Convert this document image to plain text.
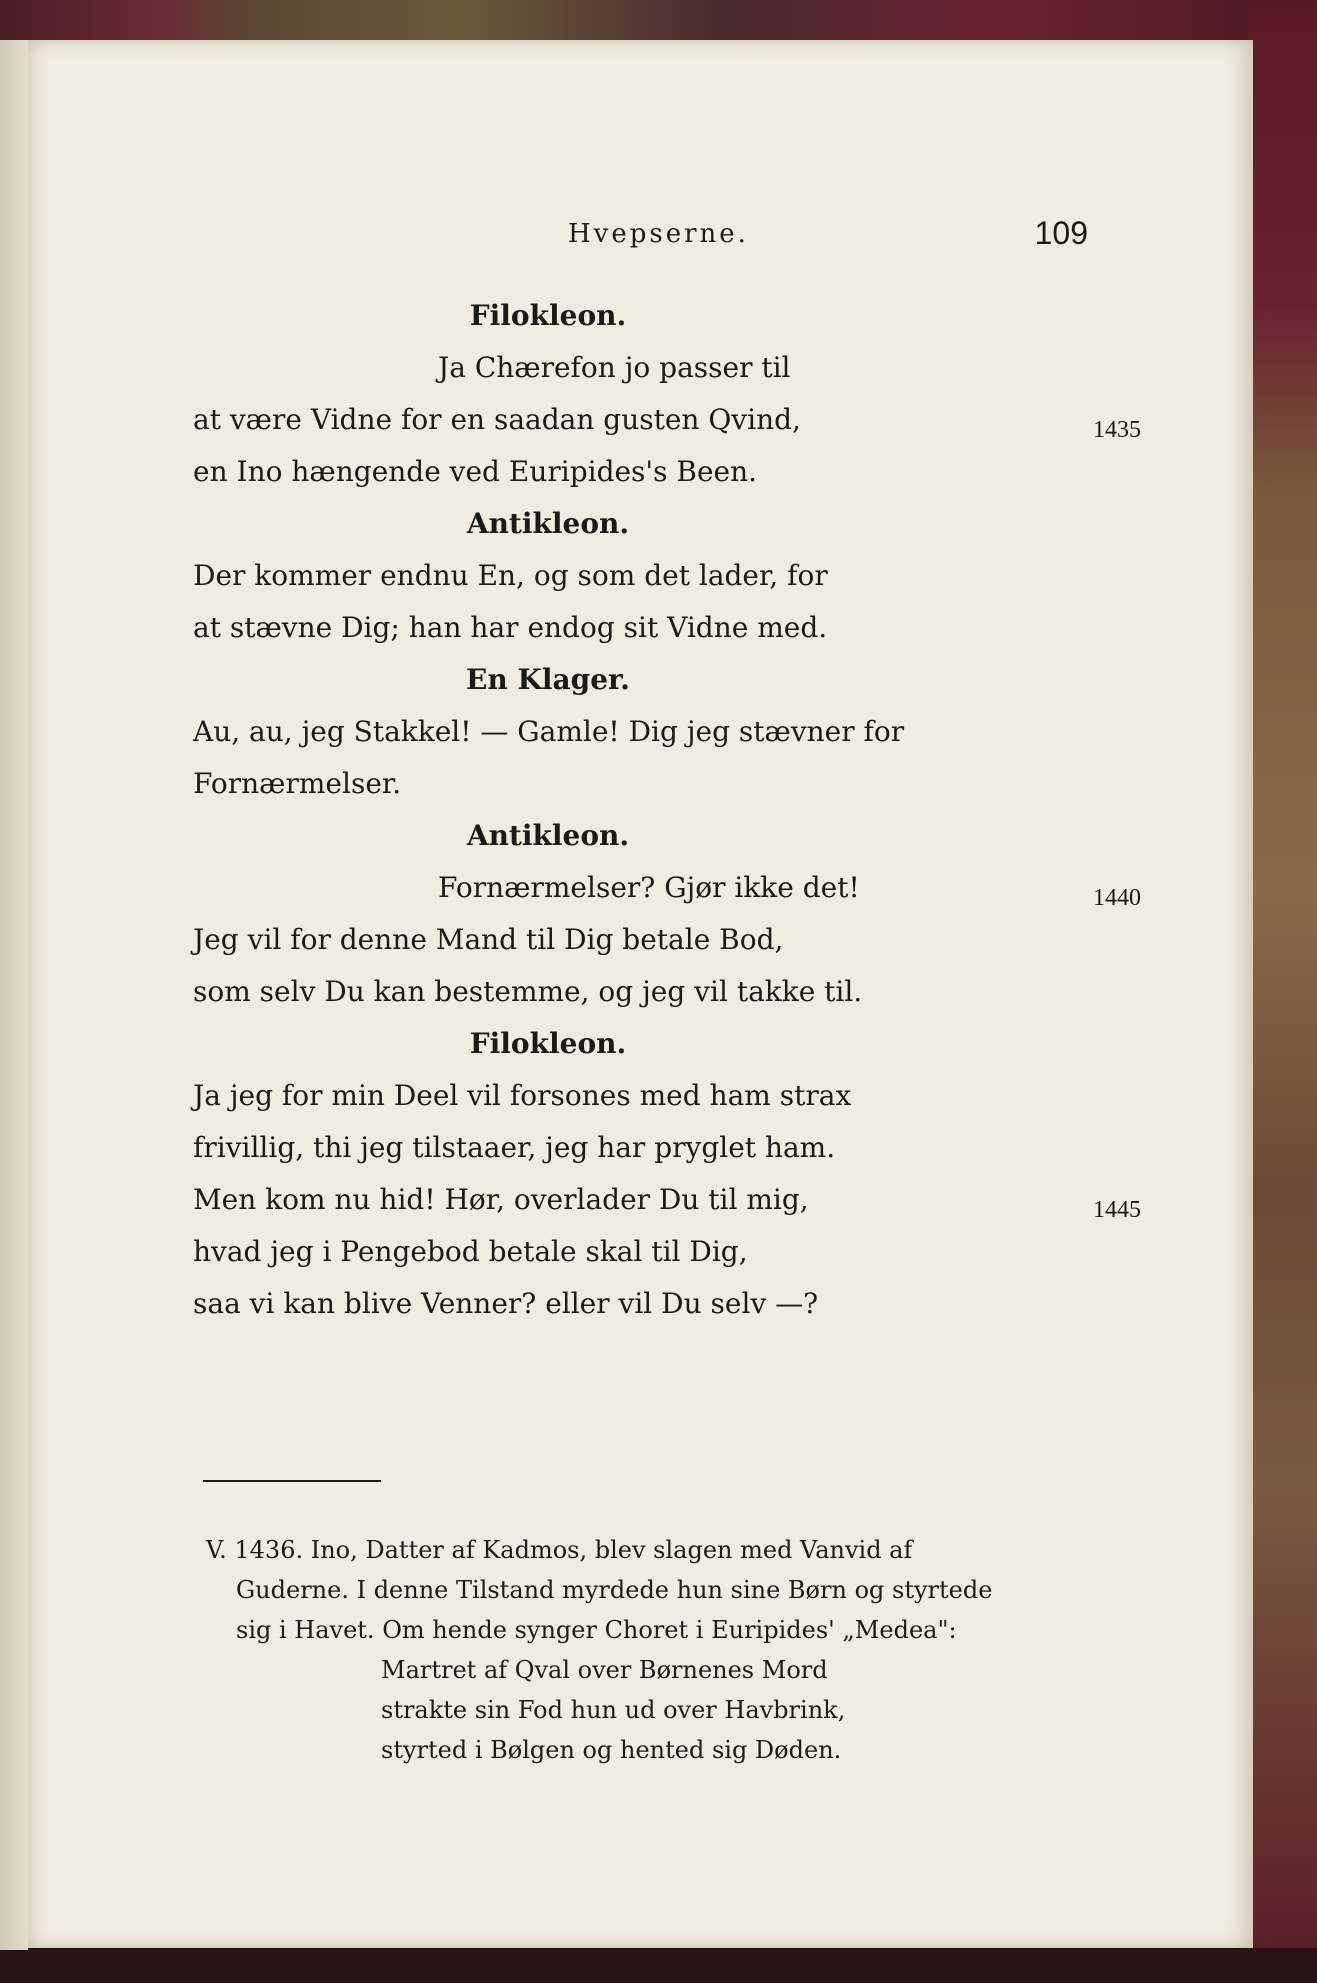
Hvepserne.	109
Filokleon.
Ja Chærefon jo passer til
at være Vidne for en saadan gusten Qvind,	1435
en Ino hængende ved Euripides's Been.
Antikleon.
Der kommer endnu En, og som det lader, for
at stævne Dig; han har endog sit Vidne med.
En Klager.
Au, au, jeg Stakkel! — Gamle! Dig jeg stævner for
Fornærmelser.
Antikleon.
Fornærmelser? Gjør ikke det!	1440
Jeg vil for denne Mand til Dig betale Bod,
som selv Du kan bestemme, og jeg vil takke til.
Filokleon.
Ja jeg for min Deel vil forsones med ham strax
frivillig, thi jeg tilstaaer, jeg har pryglet ham.
Men kom nu hid! Hør, overlader Du til mig,	1445
hvad jeg i Pengebod betale skal til Dig,
saa vi kan blive Venner? eller vil Du selv —?
V. 1436. Ino, Datter af Kadmos, blev slagen med Vanvid af
Guderne. I denne Tilstand myrdede hun sine Børn og styrtede
sig i Havet. Om hende synger Choret i Euripides' „Medea":
Martret af Qval over Børnenes Mord
strakte sin Fod hun ud over Havbrink,
styrted i Bølgen og hented sig Døden.
